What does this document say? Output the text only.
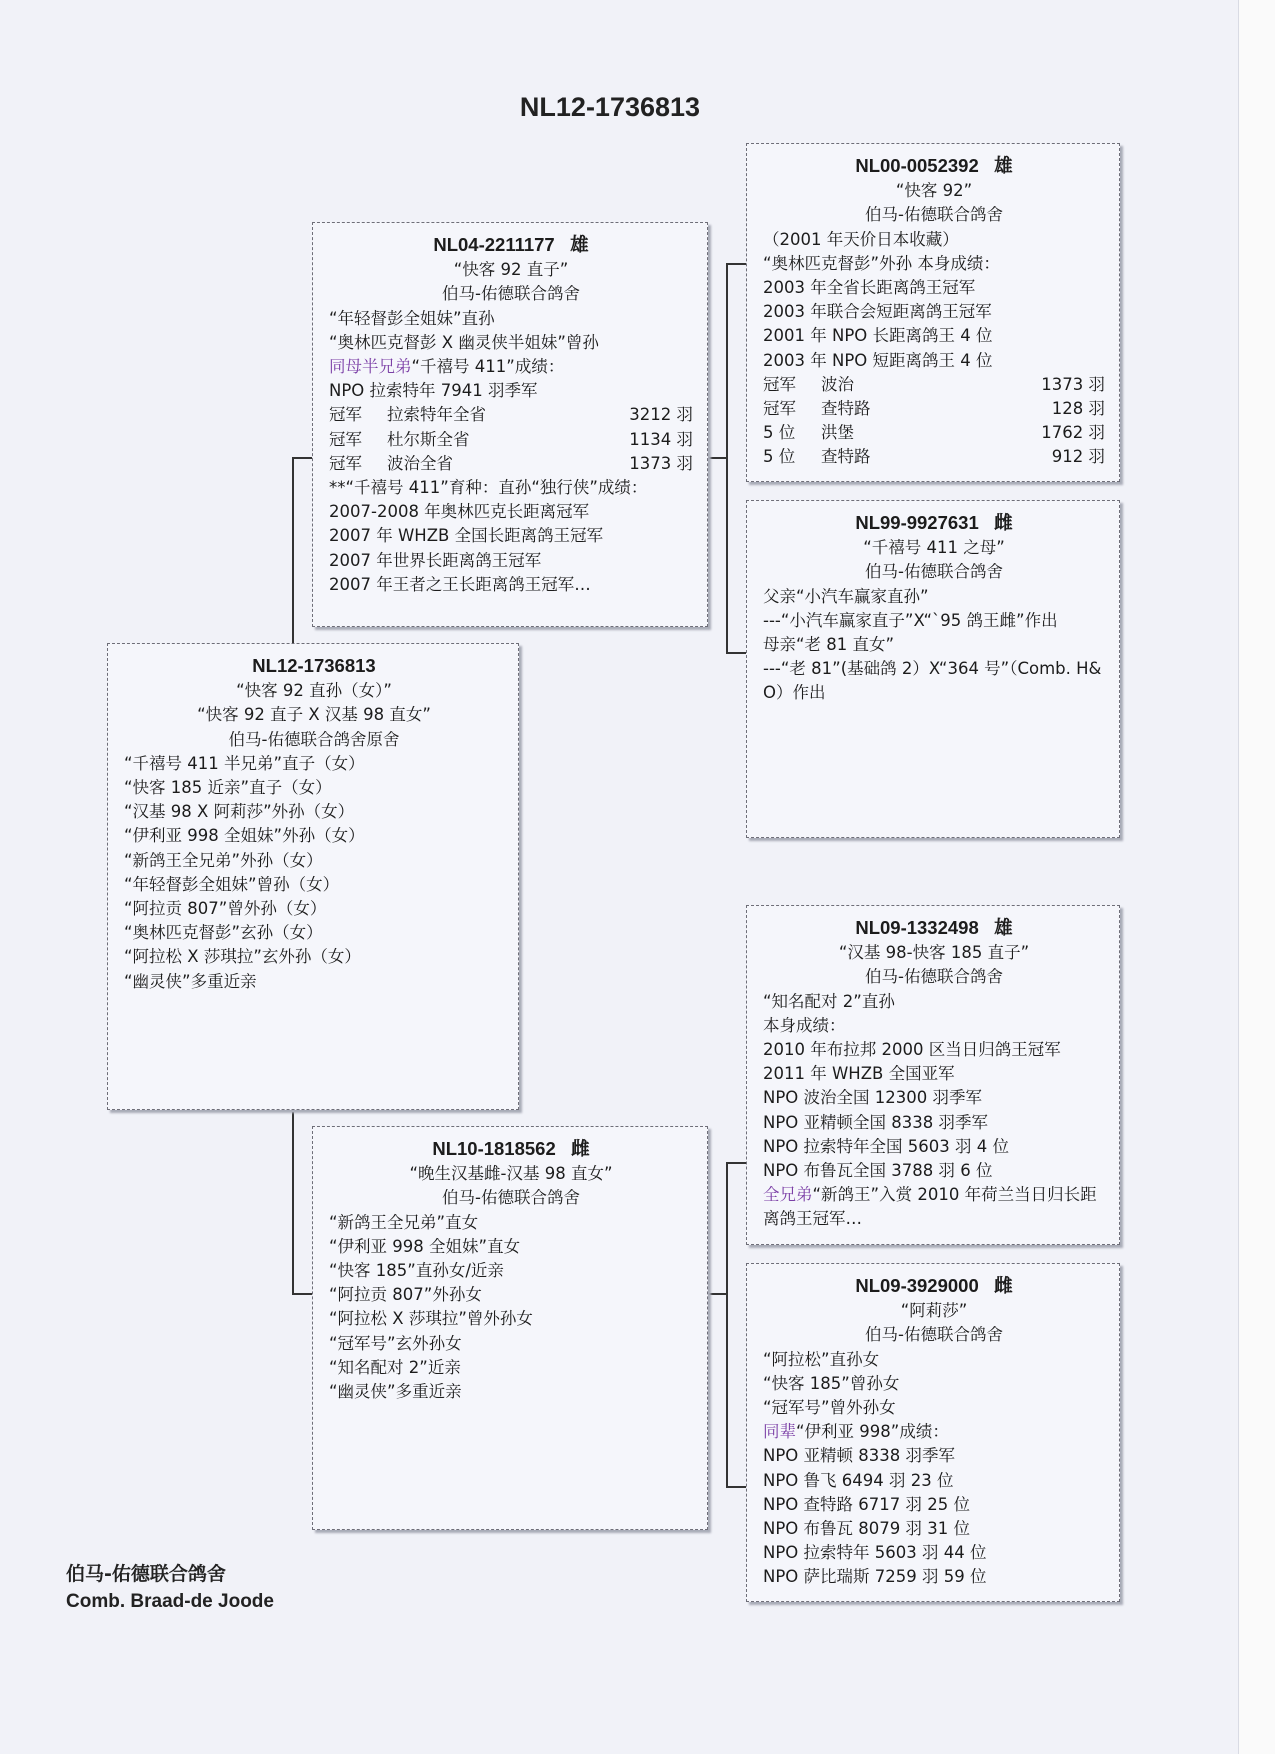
NL12-1736813
NL04-2211177   雄
“快客 92 直子”
伯马-佑德联合鸽舍
“年轻督彭全姐妹”直孙
“奥林匹克督彭 X 幽灵侠半姐妹”曾孙
同母半兄弟“千禧号 411”成绩：
NPO 拉索特年 7941 羽季军
冠军	拉索特年全省	3212 羽
冠军	杜尔斯全省	1134 羽
冠军	波治全省	1373 羽
**“千禧号 411”育种：直孙“独行侠”成绩：
2007-2008 年奥林匹克长距离冠军
2007 年 WHZB 全国长距离鸽王冠军
2007 年世界长距离鸽王冠军
2007 年王者之王长距离鸽王冠军…
NL12-1736813
“快客 92 直孙（女）”
“快客 92 直子 X 汉基 98 直女”
伯马-佑德联合鸽舍原舍
“千禧号 411 半兄弟”直子（女）
“快客 185 近亲”直子（女）
“汉基 98 X 阿莉莎”外孙（女）
“伊利亚 998 全姐妹”外孙（女）
“新鸽王全兄弟”外孙（女）
“年轻督彭全姐妹”曾孙（女）
“阿拉贡 807”曾外孙（女）
“奥林匹克督彭”玄孙（女）
“阿拉松 X 莎琪拉”玄外孙（女）
“幽灵侠”多重近亲
NL10-1818562   雌
“晚生汉基雌-汉基 98 直女”
伯马-佑德联合鸽舍
“新鸽王全兄弟”直女
“伊利亚 998 全姐妹”直女
“快客 185”直孙女/近亲
“阿拉贡 807”外孙女
“阿拉松 X 莎琪拉”曾外孙女
“冠军号”玄外孙女
“知名配对 2”近亲
“幽灵侠”多重近亲
NL00-0052392   雄
“快客 92”
伯马-佑德联合鸽舍
（2001 年天价日本收藏）
“奥林匹克督彭”外孙 本身成绩：
2003 年全省长距离鸽王冠军
2003 年联合会短距离鸽王冠军
2001 年 NPO 长距离鸽王 4 位
2003 年 NPO 短距离鸽王 4 位
冠军	波治	1373 羽
冠军	查特路	128 羽
5 位	洪堡	1762 羽
5 位	查特路	912 羽
NL99-9927631   雌
“千禧号 411 之母”
伯马-佑德联合鸽舍
父亲“小汽车赢家直孙”
---“小汽车赢家直子”X“`95 鸽王雌”作出
母亲“老 81 直女”
---“老 81”(基础鸽 2）X“364 号”（Comb. H&O）作出
NL09-1332498   雄
“汉基 98-快客 185 直子”
伯马-佑德联合鸽舍
“知名配对 2”直孙
本身成绩：
2010 年布拉邦 2000 区当日归鸽王冠军
2011 年 WHZB 全国亚军
NPO 波治全国 12300 羽季军
NPO 亚精顿全国 8338 羽季军
NPO 拉索特年全国 5603 羽 4 位
NPO 布鲁瓦全国 3788 羽 6 位
全兄弟“新鸽王”入赏 2010 年荷兰当日归长距离鸽王冠军…
NL09-3929000   雌
“阿莉莎”
伯马-佑德联合鸽舍
“阿拉松”直孙女
“快客 185”曾孙女
“冠军号”曾外孙女
同辈“伊利亚 998”成绩：
NPO 亚精顿 8338 羽季军
NPO 鲁飞 6494 羽 23 位
NPO 查特路 6717 羽 25 位
NPO 布鲁瓦 8079 羽 31 位
NPO 拉索特年 5603 羽 44 位
NPO 萨比瑞斯 7259 羽 59 位
伯马-佑德联合鸽舍
Comb. Braad-de Joode
